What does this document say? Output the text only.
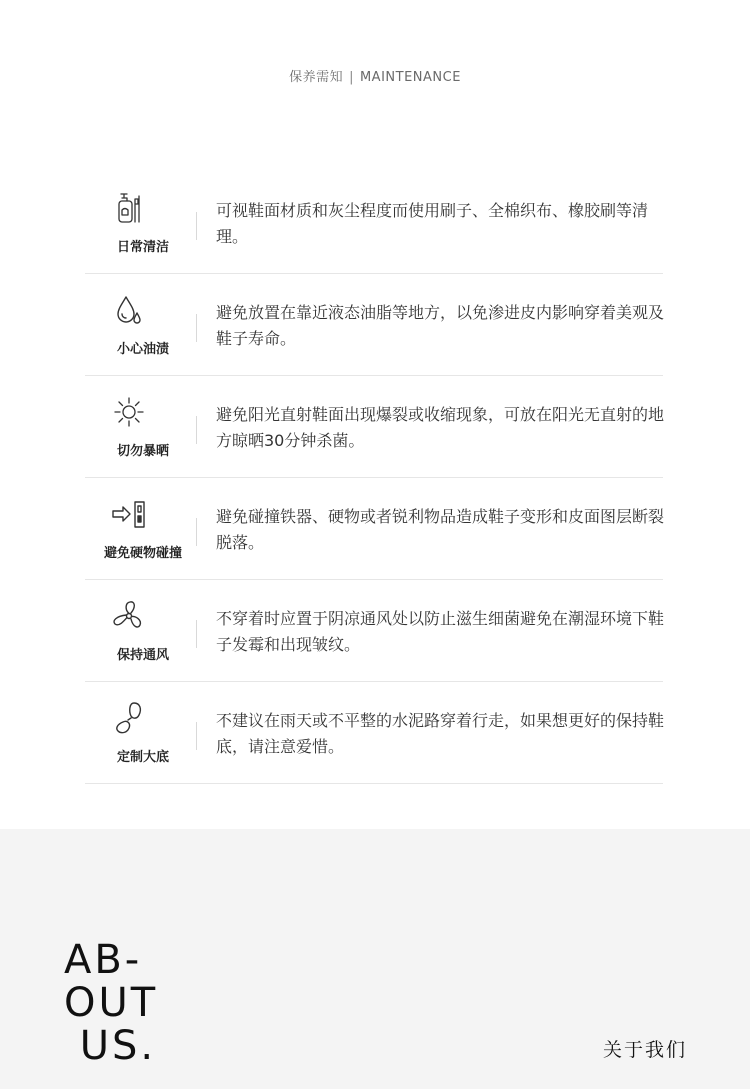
保养需知 | MAINTENANCE
日常清洁
可视鞋面材质和灰尘程度而使用刷子、全棉织布、橡胶刷等清理。
小心油渍
避免放置在靠近液态油脂等地方，以免渗进皮内影响穿着美观及鞋子寿命。
切勿暴晒
避免阳光直射鞋面出现爆裂或收缩现象，可放在阳光无直射的地方晾晒30分钟杀菌。
避免硬物碰撞
避免碰撞铁器、硬物或者锐利物品造成鞋子变形和皮面图层断裂脱落。
保持通风
不穿着时应置于阴凉通风处以防止滋生细菌避免在潮湿环境下鞋子发霉和出现皱纹。
定制大底
不建议在雨天或不平整的水泥路穿着行走，如果想更好的保持鞋底，请注意爱惜。
AB-
OUT
US.	关于我们
